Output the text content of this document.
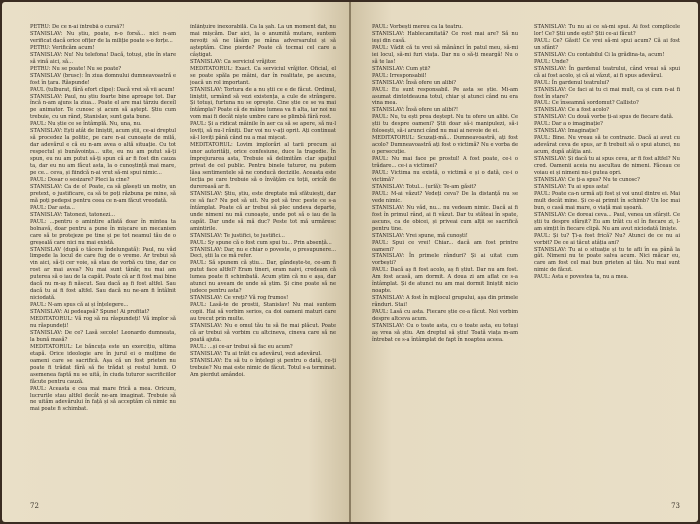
PETRU: De ce n-ai întrebă o cursă?!

STANISLAV: Nu știu, poate, n-o forsă... nici n-am verificat dacă orice ofițer de la miliție poate s-o forțe...

PETRU: Verificăm acum!

STANISLAV: Nu! Nu telefona! Dacă, totuși, știe în stare să vină aici, să...

PETRU: Nu se poate! Nu se poate?

STANISLAV (brusc): În ziua domnului dumneavoastră e fost în țara. Răspunde!

PAUL (tulburat, fără efort clipe): Dacă vrei să vii acum!

STANISLAV: Paul, nu știu foarte bine aproape tot. Dar încă n-am ajuns la ziua... Poate el are mai târziu deceîl pe animator. Te cunosc și acum să aștept. Știu cum trebuie, cu un rând, Stanislav, sunt gata bune.

PAUL: Nu știe ce se întâmplă. Nu, una, nu.

STANISLAV: Ești atât de liniștit, acum știi, ce-ai dreptul să procedez la politic, pe care n-ai cunoaște de milă, dar adevărul e că eu n-am avea o altă situație. Cu tot respectul și bunăvoința... uite, eu nu am putut să-ți spun, eu nu am putut să-ți spun că ar fi fost din cauza ta, dar eu nu am făcut asta, la o cunoștință mai mare, pe ce... ceva, și fiindcă n-ai vrut să-mi spui nimic...

PAUL: Dosar o sesizare? Pleci la cine?

STANISLAV: Ca de o! Poate, ca să găsești un motiv, un pretext, o justificare, ca să te poți răzbuna pe mine, să mă poți pedepsi pentru ceea ce n-am făcut vreodată.

PAUL: Dar asta...

STANISLAV: Tatonezi, tatonezi...

PAUL: ...pentru o amintire aflată doar în mintea ta bolnavă, doar pentru a pune în mișcare un mecanism care să te protejeze pe tine și pe tot neamul tău de o greșeală care nici nu mai există.

STANISLAV (după o tăcere îndelungată): Paul, nu văd limpede la locul de care fug de o vreme. Ar trebui să vin aici, să-ți cer voie, să stau de vorbă cu tine, dar ce rost ar mai avea? Nu mai sunt tânăr, nu mai am puterea să o iau de la capăt. Poate că ar fi fost mai bine dacă nu m-aș fi născut. Sau dacă aș fi fost altfel. Sau dacă tu ai fi fost altfel. Sau dacă nu ne-am fi întâlnit niciodată.

PAUL: N-am spus că ai și înțelegere...

STANISLAV: Ai pedeapsă? Spune! Ai profitat?

MEDITATORUL: Vă rog să nu răspundeți! Vă implor să nu răspundeți!

STANISLAV: De ce? Lasă secole! Leonardo dumneata, la bună masă?

MEDITATORUL: Le băncuța este un exercițiu, ultima etapă. Orice ideologie are în jurul ei o mulțime de oameni care se sacrifică. Așa că un fost prieten nu poate fi trădat fără să fie trădat și restul lumii. O asemenea faptă nu se uită, în ciuda tuturor sacrificiilor făcute pentru cauză.

PAUL: Aceasta e cea mai mare frică a mea. Oricum, lucrurile stau altfel decât ne-am imaginat. Trebuie să ne uităm adevărului în față și să acceptăm că nimic nu mai poate fi schimbat.

înlănțuire inexorabilă. Ca la șah. La un moment dat, nu mai mișcăm. Dar aici, la o anumită mutare, suntem nevoiți să ne lăsăm pe mâna adversarului și să așteptăm. Cine pierde? Poate că tocmai cel care a câștigat.

STANISLAV: Ca serviciul vrăjitor.

MEDITATORUL: Exact. Ca serviciul vrăjitor. Oficial, el se poate spăla pe mâini, dar în realitate, pe ascuns, joacă un rol important.

STANISLAV: Tortura de a nu știi ce e de făcut. Ordinul, liniștit, urmând să vezi existența, a cule de strângere. Și totuși, furtuna nu se oprește. Cine știe ce se va mai întâmpla? Poate că de mâine lumea va fi alta, iar noi nu vom mai fi decât niște umbre care se plimbă fără rost.

PAUL: Și a ridicat mâinile în aer ca să se apere, să nu-l loviți, să nu-l răniți. Dar voi nu v-ați oprit. Ați continuat să-l loviți până când nu a mai mișcat.

MEDITATORUL: Lovim implorări al tarii precum ai unor autorități, orice confesiune, duce la tragedie. În împrejurarea asta, Trebuie să delimităm clar spațiul privat de cel public. Pentru binele tuturor, nu putem lăsa sentimentele să ne conducă deciziile. Aceasta este lecția pe care trebuie să o învățăm cu toții, oricât de dureroasă ar fi.

STANISLAV: Știu, știu, este dreptate mă sfătuiești, dar ce să fac? Nu pot să uit. Nu pot să trec peste ce s-a întâmplat. Poate că ar trebui să plec undeva departe, unde nimeni nu mă cunoaște, unde pot să o iau de la capăt. Dar unde să mă duc? Peste tot mă urmăresc amintirile.

STANISLAV: Te justifici, te justifici...

PAUL: Sy spune că o fost cum spui tu... Prin absență...

STANISLAV: Dar, nu e chiar o poveste, o presupunere... Deci, știi la ce mă refer.

PAUL: Să spunem că știu... Dar, gândește-te, ce-am fi putut face altfel? Eram tineri, eram naivi, credeam că lumea poate fi schimbată. Acum știm că nu e așa, dar atunci nu aveam de unde să știm. Și cine poate să ne judece pentru asta?

STANISLAV: Ce vreți? Vă rog frumos!

PAUL: Lasă-te de prostii, Stanislav! Nu mai suntem copii. Hai să vorbim serios, ca doi oameni maturi care au trecut prin multe.

STANISLAV: Nu e omul tău tu să fie mai plăcut. Poate că ar trebui să vorbim cu altcineva, cineva care să ne poată ajuta.

PAUL: ...și ce-ar trebui să fac eu acum?

STANISLAV: Tu ai trăit cu adevărul, vezi adevărul.

STANISLAV: Eu să tu o înțelegi și pentru o dată, ce-ți trebuie? Nu mai este nimic de făcut. Totul s-a terminat. Am pierdut amândoi.

72

PAUL: Vorbești mereu ca la teatru.

STANISLAV: Hablecamitată? Ce rost mai are? Să nu ieși din casă.

PAUL: Vădit că tu vrei să mănânci în patul meu, să-mi iei locul, să-mi furi viața. Dar nu o să-ți meargă! Nu o să te las!

STANISLAV: Cum știi?

PAUL: Irresponsabil!

STANISLAV: Însă ofere un alibi?

PAUL: Eu sunt responsabil. Pe asta se știe. Mi-am asumat dintotdeauna totul, chiar și atunci când nu era vina mea.

STANISLAV: Însă ofere un alibi?!

PAUL: Nu, tu ești prea deștept. Nu tu ofere un alibi. Ce știi tu despre oameni? Știi doar să-i manipulezi, să-i folosești, să-i arunci când nu mai ai nevoie de ei.

MEDITATORUL: Scuzați-mă... Dumneavoastră, ați fost acolo? Dumneavoastră ați fost o victimă? Nu e vorba de o persecuție.

PAUL: Nu mai face pe prostul! A fost poate, ce-i o trădare... ce-i a victimei?

PAUL: Victima nu există, o victimă e și o dată, ce-i o victimă?

STANISLAV: Totul... (urlă): Te-am găsit?

PAUL: M-ai văzut? Vedeți ceva? De la distanță nu se vede nimic.

STANISLAV: Nu văd, nu... nu vedeam nimic. Dacă ai fi fost în primul rând, ai fi văzut. Dar tu stăteai în spate, ascuns, ca de obicei, și priveai cum alții se sacrifică pentru tine.

STANISLAV: Vrei spune, mă cunoști!

PAUL: Spui ce vrei! Chiar... dacă am fost printre oameni?

STANISLAV: În primele rânduri? Și ai uitat cum vorbești?

PAUL: Dacă aș fi fost acolo, aș fi știut. Dar nu am fost. Am fost acasă, am dormit. A doua zi am aflat ce s-a întâmplat. Și de atunci nu am mai dormit liniștit nicio noapte.

STANISLAV: A fost în mijlocul grupului, așa din primele rânduri. Stai!

PAUL: Lasă cu asta. Fiecare știe ce-a făcut. Noi vorbim despre altceva acum.

STANISLAV: Cu o toate asta, cu o toate asta, eu totuși aș vrea să știu. Am dreptul să știu! Toată viața m-am întrebat ce s-a întâmplat de fapt în noaptea aceea.

STANISLAV: Tu nu ai ce să-mi spui. Ai fost complicele lor! Ce? Știi unde ești? Știi ce-ai făcut?

PAUL: Ce? Găsit! Ce vrei să-mi spui acum? Că ai fost un sfânt?

STANISLAV: Cu contabilul Ci la grădina-ta, acum!

PAUL: Unde?

STANISLAV: În gardenul teatrului, când vreai să spui că ai fost acolo, și că ai văzut, ai fi spus adevărul.

PAUL: În gardenul teatrului?

STANISLAV: Ce faci ai tu ci mai mult, ca și cum n-ai fi fost în stare?

PAUL: Ce înseamnă sordomut? Callisto?

STANISLAV: Ce a fost acolo?

STANISLAV: Cu două vorbe ți-ai spus de fiecare dată.

PAUL: Dar a o imaginație?

STANISLAV: Imaginație?

PAUL: Bine. Nu vreau să te contrazic. Dacă ai avut cu adevărat ceva de spus, ar fi trebuit să o spui atunci, nu acum, după atâția ani.

STANISLAV: Și dacă tu ai spus ceva, ar fi fost altfel? Nu cred. Oamenii aceia nu ascultau de nimeni. Făceau ce voiau ei și nimeni nu-i putea opri.

STANISLAV: Ce ți-a spus? Nu te cunosc?

STANISLAV: Tu ai spus asta!

PAUL: Poate ca-n urmă ați fost și voi unul dintre ei. Mai mult decât mine. Și ce-ai primit în schimb? Un loc mai bun, o casă mai mare, o viață mai ușoară.

STANISLAV: Ce doreai ceva... Paul, venea un sfârșit. Ce știi tu despre sfârșit? Eu am trăit cu el în fiecare zi, l-am simțit în fiecare clipă. Nu am avut niciodată liniște.

PAUL: Și tu? Ți-a fost frică? Nu? Atunci de ce nu ai vorbit? De ce ai tăcut atâția ani?

STANISLAV: Tu ai o situație și tu te afli în ea până la gât. Nimeni nu te poate salva acum. Nici măcar eu, care am fost cel mai bun prieten al tău. Nu mai sunt nimic de făcut.

PAUL: Asta e povestea ta, nu a mea.

73
